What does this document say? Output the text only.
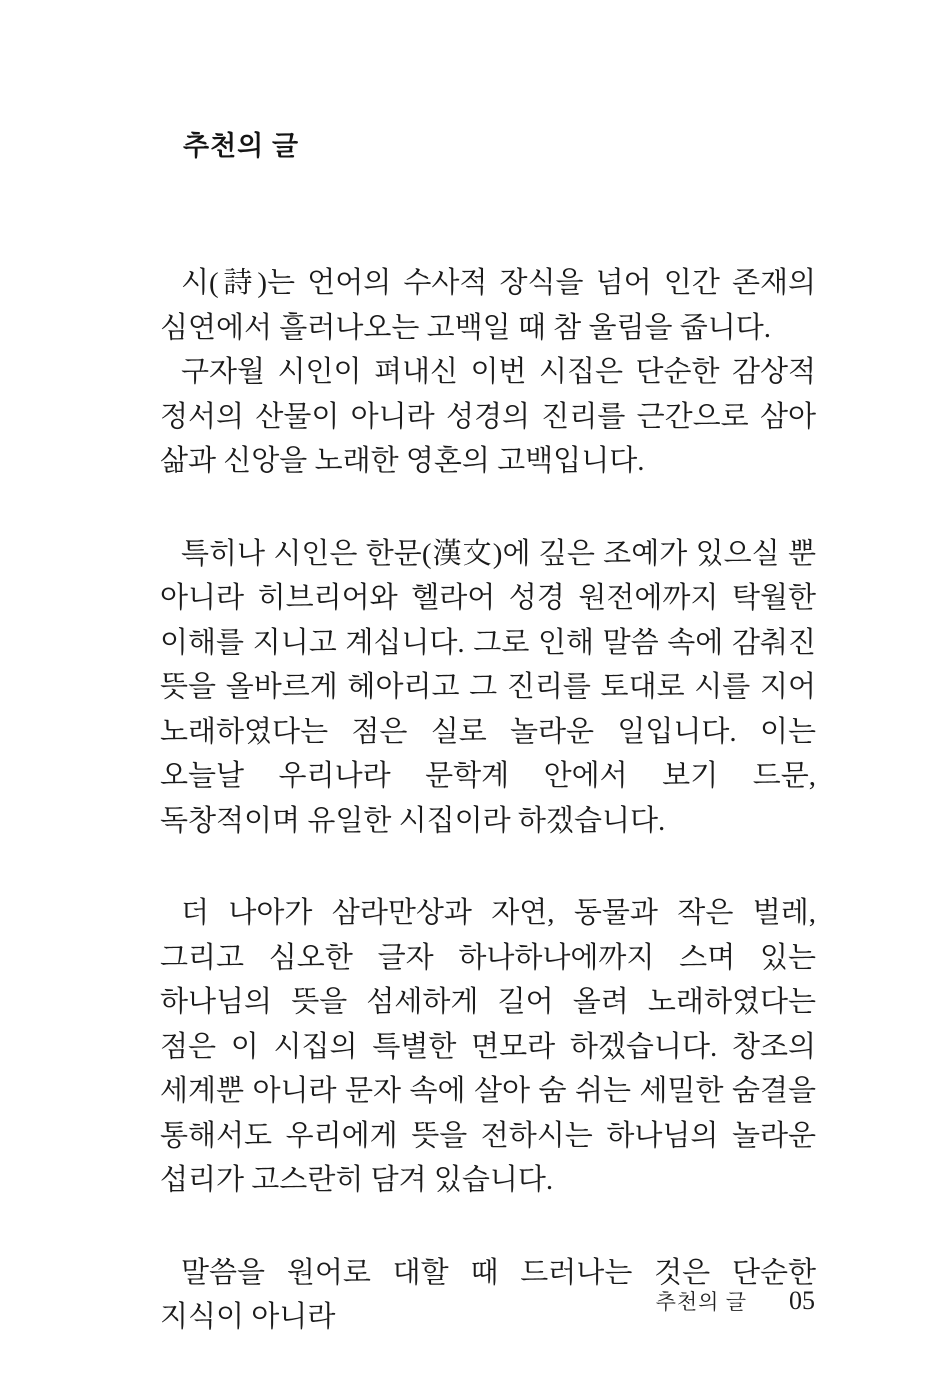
추천의 글

시(詩)는 언어의 수사적 장식을 넘어 인간 존재의 심연에서 흘러나오는 고백일 때 참 울림을 줍니다.

구자월 시인이 펴내신 이번 시집은 단순한 감상적 정서의 산물이 아니라 성경의 진리를 근간으로 삼아 삶과 신앙을 노래한 영혼의 고백입니다.

특히나 시인은 한문(漢文)에 깊은 조예가 있으실 뿐 아니라 히브리어와 헬라어 성경 원전에까지 탁월한 이해를 지니고 계십니다. 그로 인해 말씀 속에 감춰진 뜻을 올바르게 헤아리고 그 진리를 토대로 시를 지어 노래하였다는 점은 실로 놀라운 일입니다. 이는 오늘날 우리나라 문학계 안에서 보기 드문, 독창적이며 유일한 시집이라 하겠습니다.

더 나아가 삼라만상과 자연, 동물과 작은 벌레, 그리고 심오한 글자 하나하나에까지 스며 있는 하나님의 뜻을 섬세하게 길어 올려 노래하였다는 점은 이 시집의 특별한 면모라 하겠습니다. 창조의 세계뿐 아니라 문자 속에 살아 숨 쉬는 세밀한 숨결을 통해서도 우리에게 뜻을 전하시는 하나님의 놀라운 섭리가 고스란히 담겨 있습니다.

말씀을 원어로 대할 때 드러나는 것은 단순한 지식이 아니라	추천의 글 05
